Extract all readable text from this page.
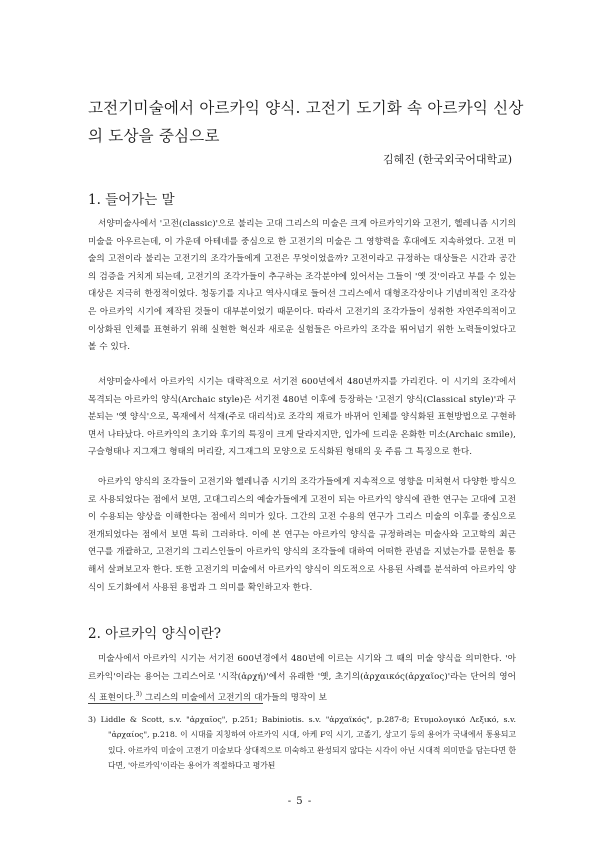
고전기미술에서 아르카익 양식. 고전기 도기화 속 아르카익 신상의 도상을 중심으로
김혜진 (한국외국어대학교)
1. 들어가는 말

서양미술사에서 '고전(classic)'으로 불리는 고대 그리스의 미술은 크게 아르카익기와 고전기, 헬레니즘 시기의 미술을 아우르는데, 이 가운데 아테네를 중심으로 한 고전기의 미술은 그 영향력을 후대에도 지속하였다. 고전 미술의 고전이라 불리는 고전기의 조각가들에게 고전은 무엇이었을까? 고전이라고 규정하는 대상들은 시간과 공간의 검증을 거치게 되는데, 고전기의 조각가들이 추구하는 조각분야에 있어서는 그들이 '옛 것'이라고 부를 수 있는 대상은 지극히 한정적이었다. 청동기를 지나고 역사시대로 들어선 그리스에서 대형조각상이나 기념비적인 조각상은 아르카익 시기에 제작된 것들이 대부분이었기 때문이다. 따라서 고전기의 조각가들이 성취한 자연주의적이고 이상화된 인체를 표현하기 위해 실현한 혁신과 새로운 실험들은 아르카익 조각을 뛰어넘기 위한 노력들이었다고 볼 수 있다.

서양미술사에서 아르카익 시기는 대략적으로 서기전 600년에서 480년까지를 가리킨다. 이 시기의 조각에서 목격되는 아르카익 양식(Archaic style)은 서기전 480년 이후에 등장하는 '고전기 양식(Classical style)'과 구분되는 '옛 양식'으로, 목재에서 석재(주로 대리석)로 조각의 재료가 바뀌어 인체를 양식화된 표현방법으로 구현하면서 나타났다. 아르카익의 초기와 후기의 특징이 크게 달라지지만, 입가에 드리운 온화한 미소(Archaic smile), 구슬형태나 지그재그 형태의 머리칼, 지그재그의 모양으로 도식화된 형태의 옷 주름 그 특징으로 한다.

아르카익 양식의 조각들이 고전기와 헬레니즘 시기의 조각가들에게 지속적으로 영향을 미쳐현서 다양한 방식으로 사용되었다는 점에서 보면, 고대그리스의 예술가들에게 고전이 되는 아르카익 양식에 관한 연구는 고대에 고전이 수용되는 양상을 이해한다는 점에서 의미가 있다. 그간의 고전 수용의 연구가 그리스 미술의 이후를 중심으로 전개되었다는 점에서 보면 특히 그러하다. 이에 본 연구는 아르카익 양식을 규정하려는 미술사와 고고학의 최근 연구를 개괄하고, 고전기의 그리스인들이 아르카익 양식의 조각들에 대하여 어떠한 관념을 지녔는가를 문헌을 통해서 살펴보고자 한다. 또한 고전기의 미술에서 아르카익 양식이 의도적으로 사용된 사례를 분석하여 아르카익 양식이 도기화에서 사용된 용법과 그 의미를 확인하고자 한다.

2. 아르카익 양식이란?

미술사에서 아르카익 시기는 서기전 600년경에서 480년에 이르는 시기와 그 때의 미술 양식을 의미한다. '아르카익'이라는 용어는 그리스어로 '시작(ἀρχή)'에서 유래한 '옛, 초기의(ἀρχαικός(ἀρχαῖος)'라는 단어의 영어식 표현이다.$^{3)}$ 그리스의 미술에서 고전기의 대가들의 명작이 보

3) Liddle & Scott, s.v. "ἀρχαῖος", p.251; Babiniotis. s.v. "ἀρχαϊκός", p.287-8; Ετυμολογικό Λεξικό, s.v. "ἀρχαίος", p.218. 이 시대를 지칭하여 아르카익 시대, 아케 F익 시기, 고졸기, 상고기 등의 용어가 국내에서 통용되고 있다. 아르카익 미술이 고전기 미술보다 상대적으로 미숙하고 완성되지 않다는 시각이 아닌 시대적 의미만을 담는다면 한다면, '아르카익'이라는 용어가 적절하다고 평가된

- 5 -
